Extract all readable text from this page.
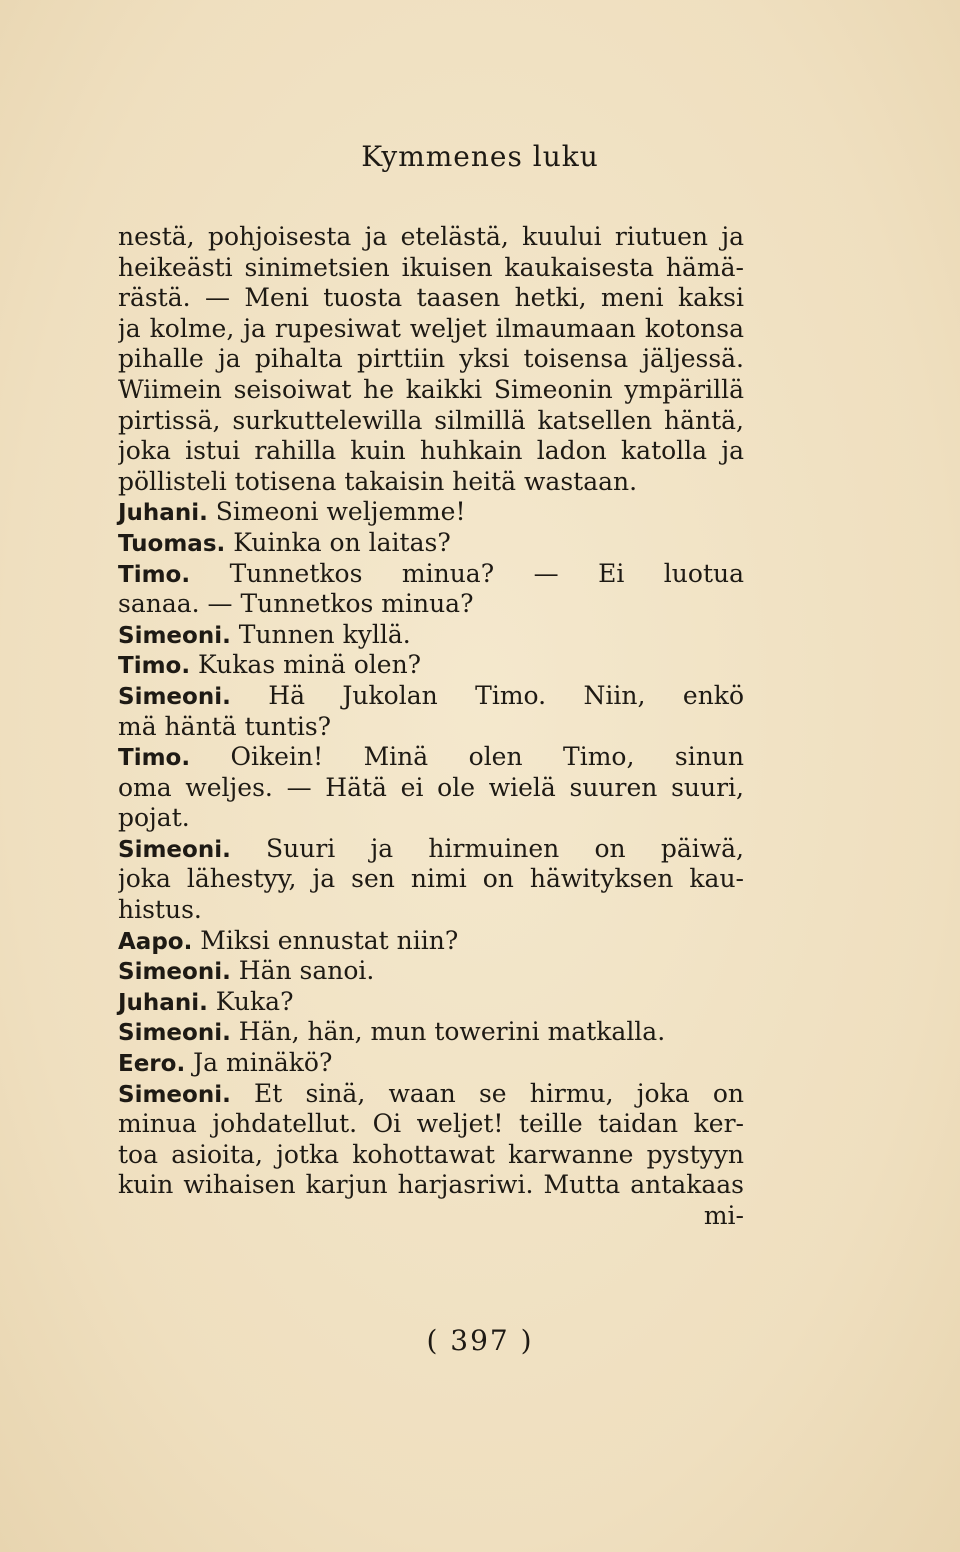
Kymmenes luku
nestä, pohjoisesta ja etelästä, kuului riutuen ja
heikeästi sinimetsien ikuisen kaukaisesta hämä-
rästä. — Meni tuosta taasen hetki, meni kaksi
ja kolme, ja rupesiwat weljet ilmaumaan kotonsa
pihalle ja pihalta pirttiin yksi toisensa jäljessä.
Wiimein seisoiwat he kaikki Simeonin ympärillä
pirtissä, surkuttelewilla silmillä katsellen häntä,
joka istui rahilla kuin huhkain ladon katolla ja
pöllisteli totisena takaisin heitä wastaan.
Juhani. Simeoni weljemme!
Tuomas. Kuinka on laitas?
Timo. Tunnetkos minua? — Ei luotua
sanaa. — Tunnetkos minua?
Simeoni. Tunnen kyllä.
Timo. Kukas minä olen?
Simeoni. Hä Jukolan Timo. Niin, enkö
mä häntä tuntis?
Timo. Oikein! Minä olen Timo, sinun
oma weljes. — Hätä ei ole wielä suuren suuri,
pojat.
Simeoni. Suuri ja hirmuinen on päiwä,
joka lähestyy, ja sen nimi on häwityksen kau-
histus.
Aapo. Miksi ennustat niin?
Simeoni. Hän sanoi.
Juhani. Kuka?
Simeoni. Hän, hän, mun towerini matkalla.
Eero. Ja minäkö?
Simeoni. Et sinä, waan se hirmu, joka on
minua johdatellut. Oi weljet! teille taidan ker-
toa asioita, jotka kohottawat karwanne pystyyn
kuin wihaisen karjun harjasriwi. Mutta antakaas
mi-
( 397 )
